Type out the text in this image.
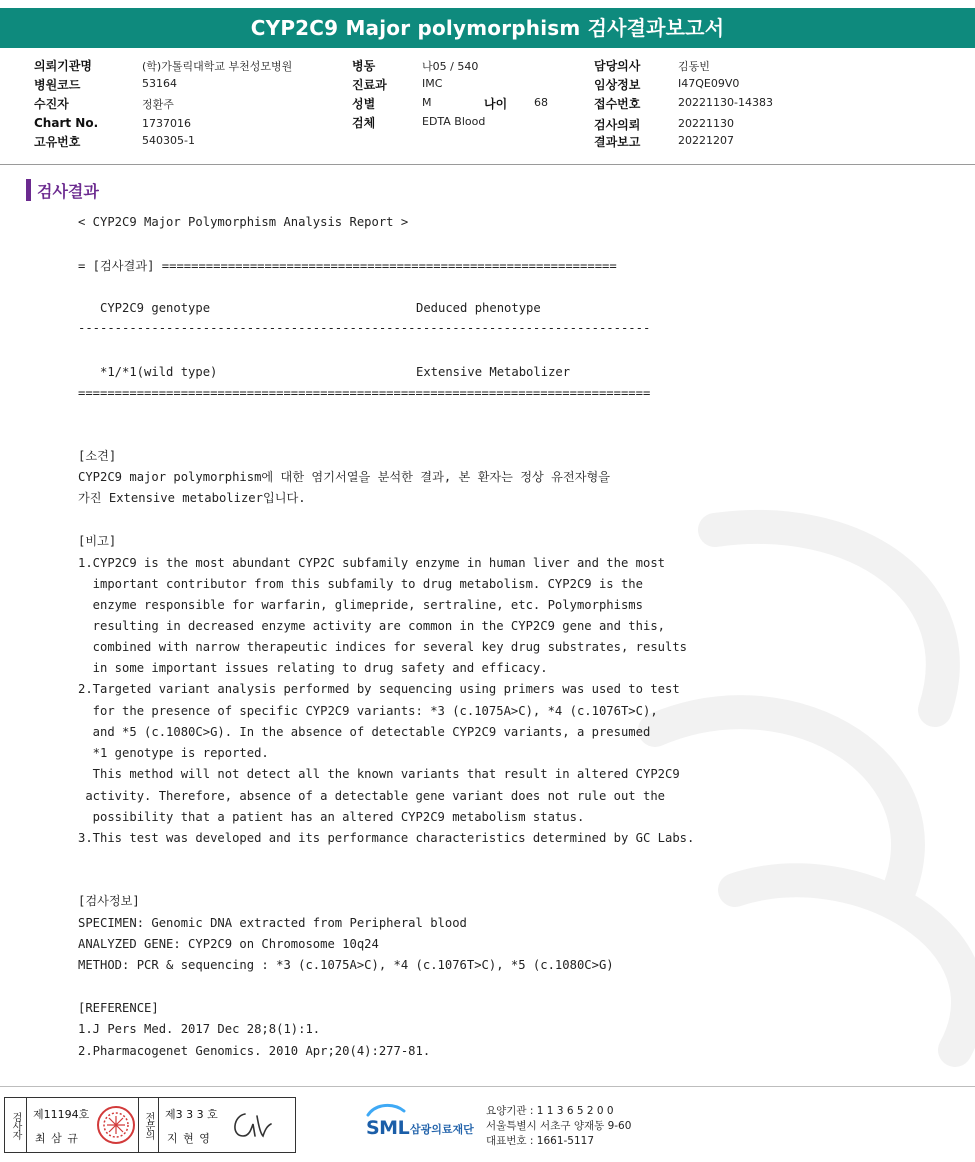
CYP2C9 Major polymorphism 검사결과보고서
의뢰기관명	(학)가톨릭대학교 부천성모병원
병원코드	53164
수진자	정환주
Chart No.	1737016
고유번호	540305-1
병동	나05 / 540
진료과	IMC
성별	M	나이 68
검체	EDTA Blood
담당의사	김동빈
임상정보	I47QE09V0
접수번호	20221130-14383
검사의뢰	20221130
결과보고	20221207
검사결과
< CYP2C9 Major Polymorphism Analysis Report >
= [검사결과] ==============================================================
CYP2C9 genotype	Deduced phenotype
------------------------------------------------------------------------------
*1/*1(wild type)	Extensive Metabolizer
==============================================================================
[소견]
CYP2C9 major polymorphism에 대한 염기서열을 분석한 결과, 본 환자는 정상 유전자형을
가진 Extensive metabolizer입니다.
[비고]
1.CYP2C9 is the most abundant CYP2C subfamily enzyme in human liver and the most
important contributor from this subfamily to drug metabolism. CYP2C9 is the
enzyme responsible for warfarin, glimepride, sertraline, etc. Polymorphisms
resulting in decreased enzyme activity are common in the CYP2C9 gene and this,
combined with narrow therapeutic indices for several key drug substrates, results
in some important issues relating to drug safety and efficacy.
2.Targeted variant analysis performed by sequencing using primers was used to test
for the presence of specific CYP2C9 variants: *3 (c.1075A>C), *4 (c.1076T>C),
and *5 (c.1080C>G). In the absence of detectable CYP2C9 variants, a presumed
*1 genotype is reported.
This method will not detect all the known variants that result in altered CYP2C9
activity. Therefore, absence of a detectable gene variant does not rule out the
possibility that a patient has an altered CYP2C9 metabolism status.
3.This test was developed and its performance characteristics determined by GC Labs.
[검사정보]
SPECIMEN: Genomic DNA extracted from Peripheral blood
ANALYZED GENE: CYP2C9 on Chromosome 10q24
METHOD: PCR & sequencing : *3 (c.1075A>C), *4 (c.1076T>C), *5 (c.1080C>G)
[REFERENCE]
1.J Pers Med. 2017 Dec 28;8(1):1.
2.Pharmacogenet Genomics. 2010 Apr;20(4):277-81.
검사자 제11194호
최 삼 규	전문의 제3 3 3 호
지 현 영	SML 삼광의료재단
요양기관 : 1 1 3 6 5 2 0 0
서울특별시 서초구 양재동 9-60
대표번호 : 1661-5117
